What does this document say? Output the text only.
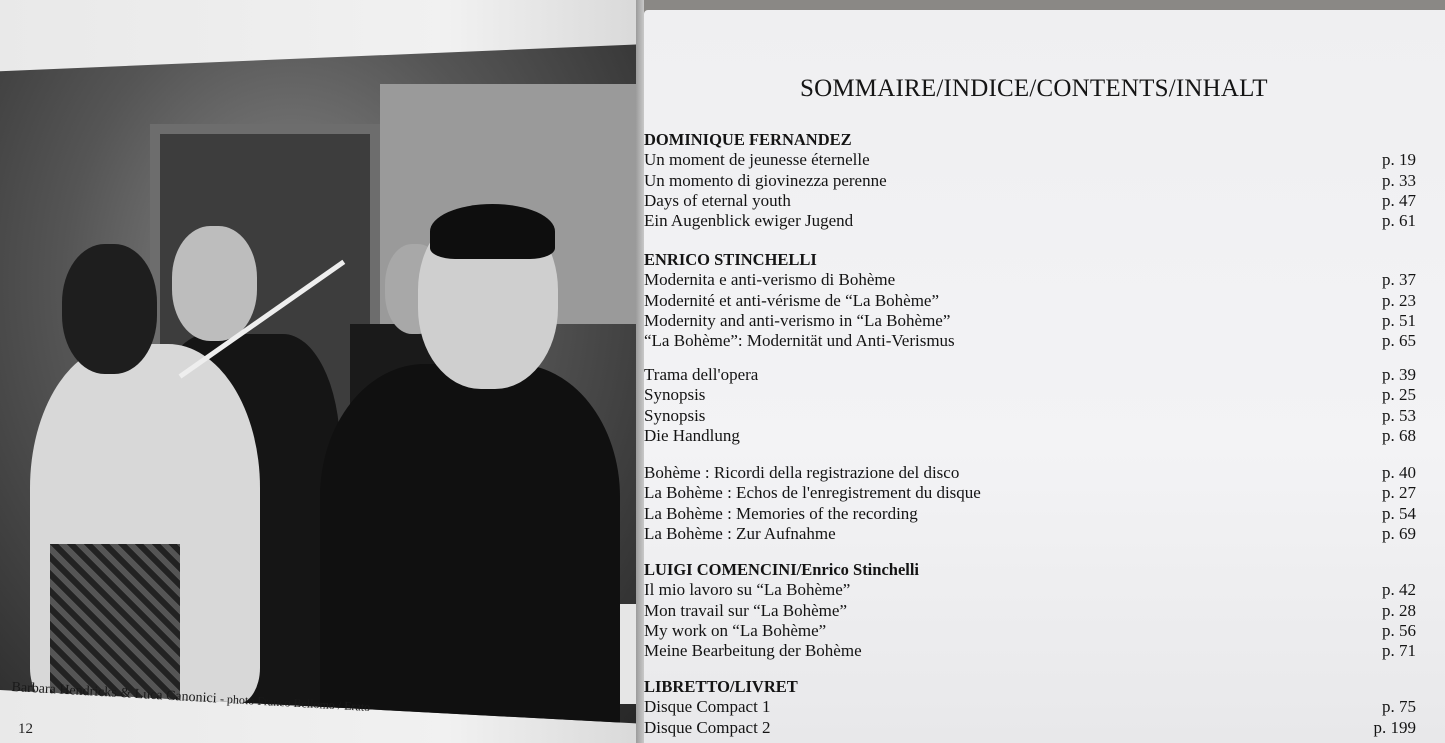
Barbara Hendricks & Luca Canonici - photo Franco Bellomo / Erato
12
SOMMAIRE/INDICE/CONTENTS/INHALT
DOMINIQUE FERNANDEZ
Un moment de jeunesse éternelle	p. 19
Un momento di giovinezza perenne	p. 33
Days of eternal youth	p. 47
Ein Augenblick ewiger Jugend	p. 61
ENRICO STINCHELLI
Modernita e anti-verismo di Bohème	p. 37
Modernité et anti-vérisme de “La Bohème”	p. 23
Modernity and anti-verismo in “La Bohème”	p. 51
“La Bohème”: Modernität und Anti-Verismus	p. 65
Trama dell'opera	p. 39
Synopsis	p. 25
Synopsis	p. 53
Die Handlung	p. 68
Bohème : Ricordi della registrazione del disco	p. 40
La Bohème : Echos de l'enregistrement du disque	p. 27
La Bohème : Memories of the recording	p. 54
La Bohème : Zur Aufnahme	p. 69
LUIGI COMENCINI/Enrico Stinchelli
Il mio lavoro su “La Bohème”	p. 42
Mon travail sur “La Bohème”	p. 28
My work on “La Bohème”	p. 56
Meine Bearbeitung der Bohème	p. 71
LIBRETTO/LIVRET
Disque Compact 1	p. 75
Disque Compact 2	p. 199
